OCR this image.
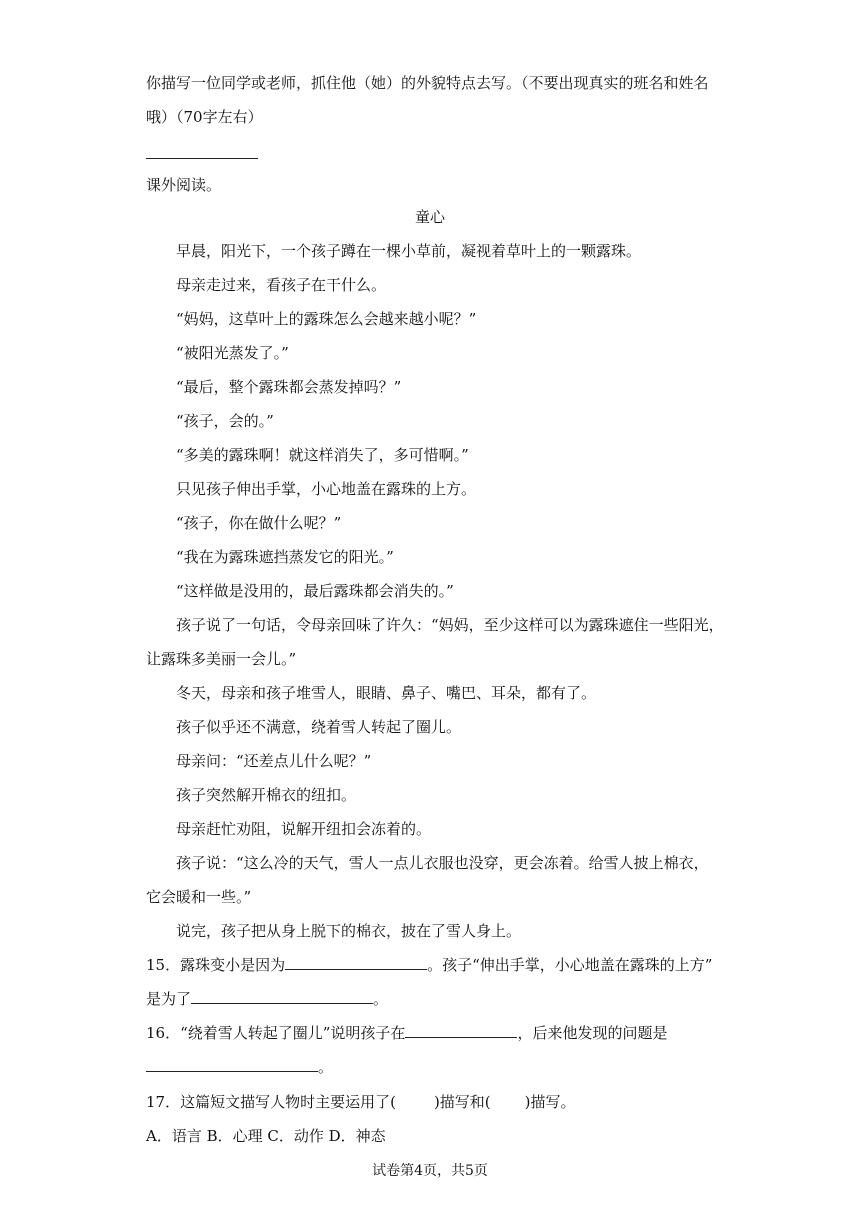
你描写一位同学或老师，抓住他（她）的外貌特点去写。（不要出现真实的班名和姓名
哦）（70字左右）
课外阅读。
童心
早晨，阳光下，一个孩子蹲在一棵小草前，凝视着草叶上的一颗露珠。
母亲走过来，看孩子在干什么。
“妈妈，这草叶上的露珠怎么会越来越小呢？”
“被阳光蒸发了。”
“最后，整个露珠都会蒸发掉吗？”
“孩子，会的。”
“多美的露珠啊！就这样消失了，多可惜啊。”
只见孩子伸出手掌，小心地盖在露珠的上方。
“孩子，你在做什么呢？”
“我在为露珠遮挡蒸发它的阳光。”
“这样做是没用的，最后露珠都会消失的。”
孩子说了一句话，令母亲回味了许久：“妈妈，至少这样可以为露珠遮住一些阳光，
让露珠多美丽一会儿。”
冬天，母亲和孩子堆雪人，眼睛、鼻子、嘴巴、耳朵，都有了。
孩子似乎还不满意，绕着雪人转起了圈儿。
母亲问：“还差点儿什么呢？”
孩子突然解开棉衣的纽扣。
母亲赶忙劝阻，说解开纽扣会冻着的。
孩子说：“这么冷的天气，雪人一点儿衣服也没穿，更会冻着。给雪人披上棉衣，
它会暖和一些。”
说完，孩子把从身上脱下的棉衣，披在了雪人身上。
15．露珠变小是因为	。孩子“伸出手掌，小心地盖在露珠的上方”
是为了	。
16．“绕着雪人转起了圈儿”说明孩子在	，后来他发现的问题是
。
17．这篇短文描写人物时主要运用了(	)描写和( )描写。
A．语言 B．心理 C．动作 D．神态
试卷第4页，共5页
